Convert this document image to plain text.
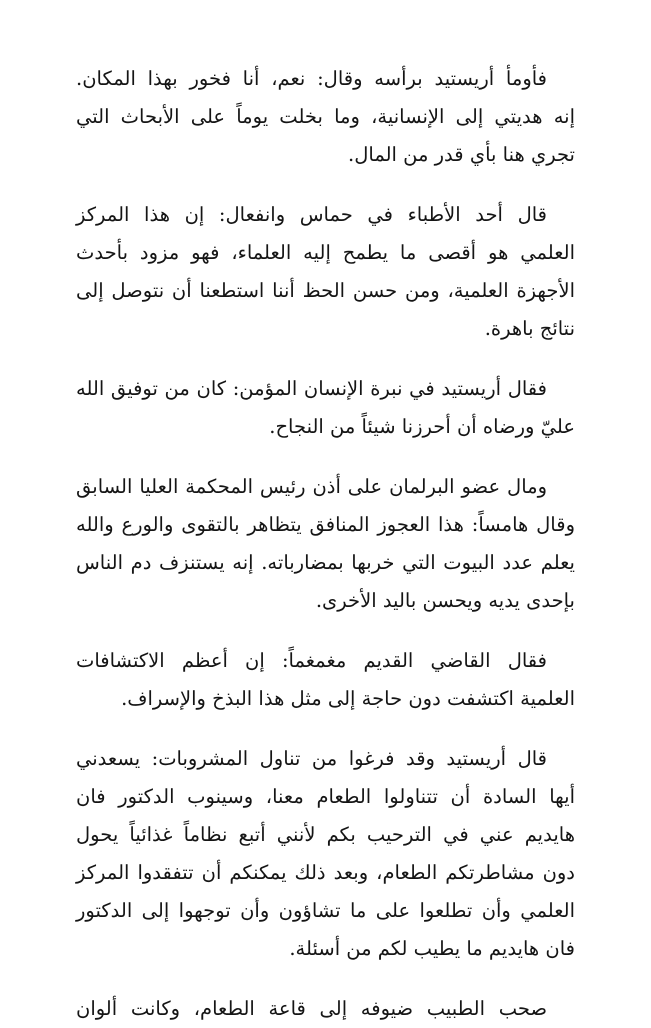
فأومأ أريستيد برأسه وقال: نعم، أنا فخور بهذا المكان.
إنه هديتي إلى الإنسانية، وما بخلت يوماً على الأبحاث التي
تجري هنا بأي قدر من المال.

قال أحد الأطباء في حماس وانفعال: إن هذا المركز
العلمي هو أقصى ما يطمح إليه العلماء، فهو مزود بأحدث
الأجهزة العلمية، ومن حسن الحظ أننا استطعنا أن نتوصل إلى
نتائج باهرة.

فقال أريستيد في نبرة الإنسان المؤمن: كان من توفيق الله
عليّ ورضاه أن أحرزنا شيئاً من النجاح.

ومال عضو البرلمان على أذن رئيس المحكمة العليا السابق
وقال هامساً: هذا العجوز المنافق يتظاهر بالتقوى والورع والله
يعلم عدد البيوت التي خربها بمضارباته. إنه يستنزف دم الناس
بإحدى يديه ويحسن باليد الأخرى.

فقال القاضي القديم مغمغماً: إن أعظم الاكتشافات
العلمية اكتشفت دون حاجة إلى مثل هذا البذخ والإسراف.

قال أريستيد وقد فرغوا من تناول المشروبات: يسعدني
أيها السادة أن تتناولوا الطعام معنا، وسينوب الدكتور فان
هايديم عني في الترحيب بكم لأنني أتبع نظاماً غذائياً يحول
دون مشاطرتكم الطعام، وبعد ذلك يمكنكم أن تتفقدوا المركز
العلمي وأن تطلعوا على ما تشاؤون وأن توجهوا إلى الدكتور
فان هايديم ما يطيب لكم من أسئلة.

صحب الطبيب ضيوفه إلى قاعة الطعام، وكانت ألوان
